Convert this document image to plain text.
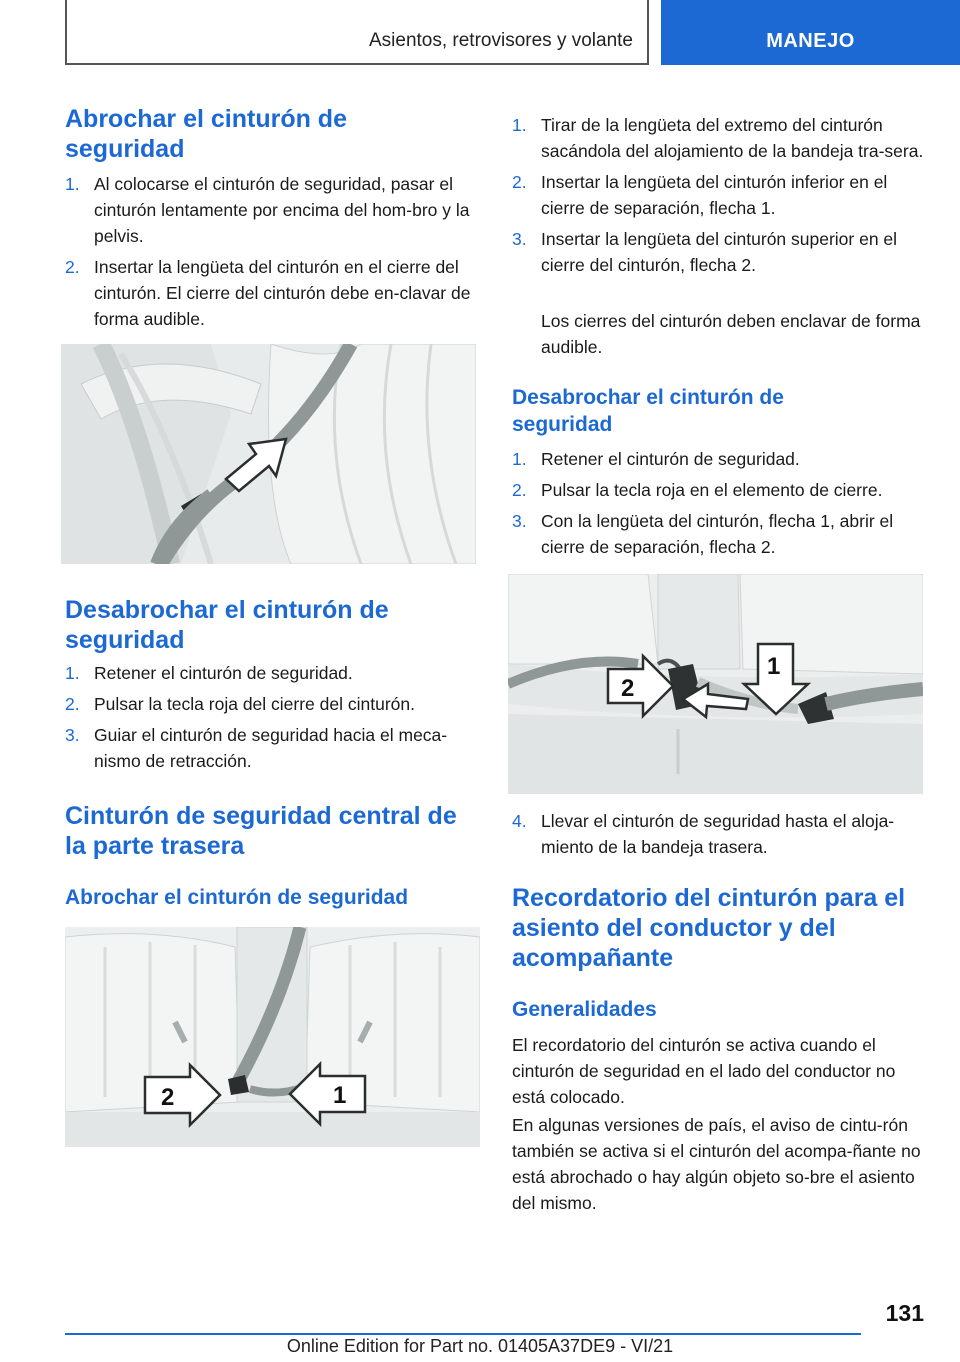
Asientos, retrovisores y volante	MANEJO
Abrochar el cinturón de seguridad
1. Al colocarse el cinturón de seguridad, pasar el cinturón lentamente por encima del hom-bro y la pelvis.
2. Insertar la lengüeta del cinturón en el cierre del cinturón. El cierre del cinturón debe en-clavar de forma audible.
Desabrochar el cinturón de seguridad
1. Retener el cinturón de seguridad.
2. Pulsar la tecla roja del cierre del cinturón.
3. Guiar el cinturón de seguridad hacia el meca-nismo de retracción.
Cinturón de seguridad central de la parte trasera
Abrochar el cinturón de seguridad
2	1
1. Tirar de la lengüeta del extremo del cinturón sacándola del alojamiento de la bandeja tra-sera.
2. Insertar la lengüeta del cinturón inferior en el cierre de separación, flecha 1.
3. Insertar la lengüeta del cinturón superior en el cierre del cinturón, flecha 2.
Los cierres del cinturón deben enclavar de forma audible.
Desabrochar el cinturón de seguridad
1. Retener el cinturón de seguridad.
2. Pulsar la tecla roja en el elemento de cierre.
3. Con la lengüeta del cinturón, flecha 1, abrir el cierre de separación, flecha 2.
2
1
4. Llevar el cinturón de seguridad hasta el aloja-miento de la bandeja trasera.
Recordatorio del cinturón para el asiento del conductor y del acompañante
Generalidades
El recordatorio del cinturón se activa cuando el cinturón de seguridad en el lado del conductor no está colocado.
En algunas versiones de país, el aviso de cintu-rón también se activa si el cinturón del acompa-ñante no está abrochado o hay algún objeto so-bre el asiento del mismo.
131
Online Edition for Part no. 01405A37DE9 - VI/21
